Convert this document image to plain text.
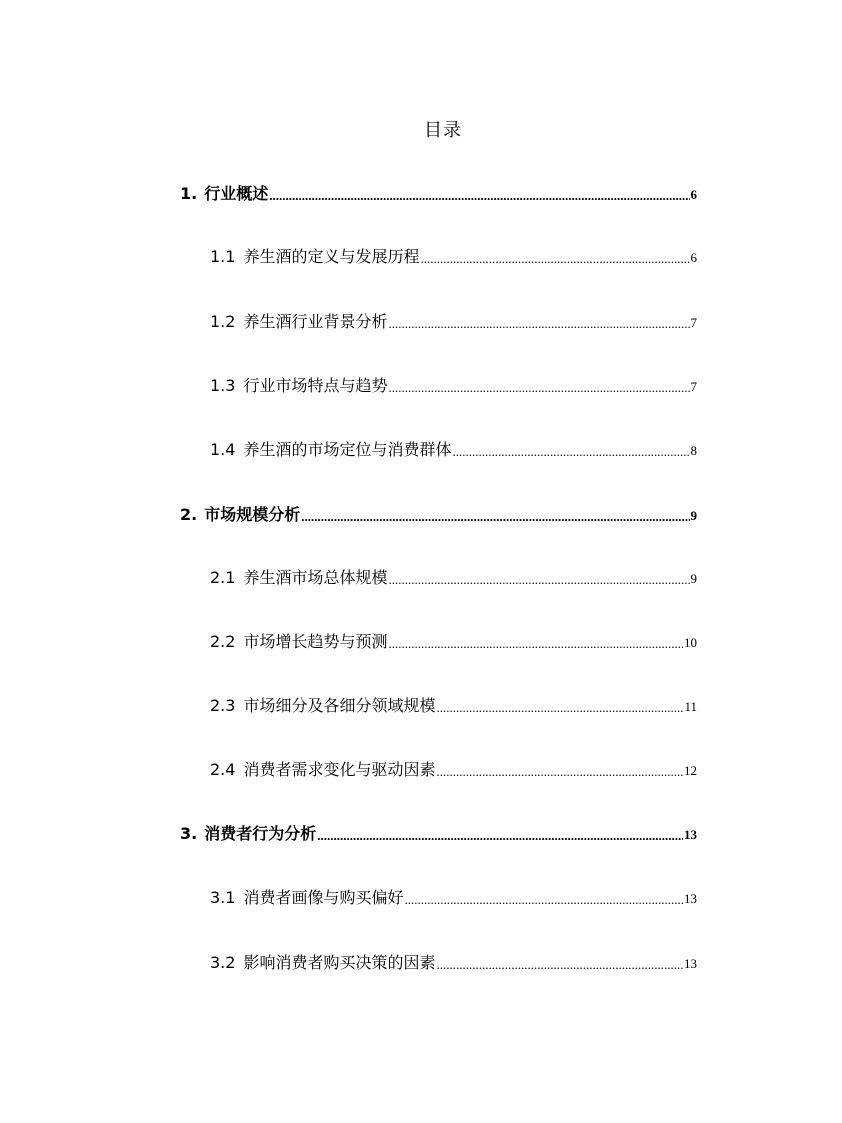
目录
1. 行业概述 .....	6
1.1 养生酒的定义与发展历程 .....	6
1.2 养生酒行业背景分析 .....	7
1.3 行业市场特点与趋势 .....	7
1.4 养生酒的市场定位与消费群体 .....	8
2. 市场规模分析 .....	9
2.1 养生酒市场总体规模 .....	9
2.2 市场增长趋势与预测 .....	10
2.3 市场细分及各细分领域规模 .....	11
2.4 消费者需求变化与驱动因素 .....	12
3. 消费者行为分析 .....	13
3.1 消费者画像与购买偏好 .....	13
3.2 影响消费者购买决策的因素 .....	13
